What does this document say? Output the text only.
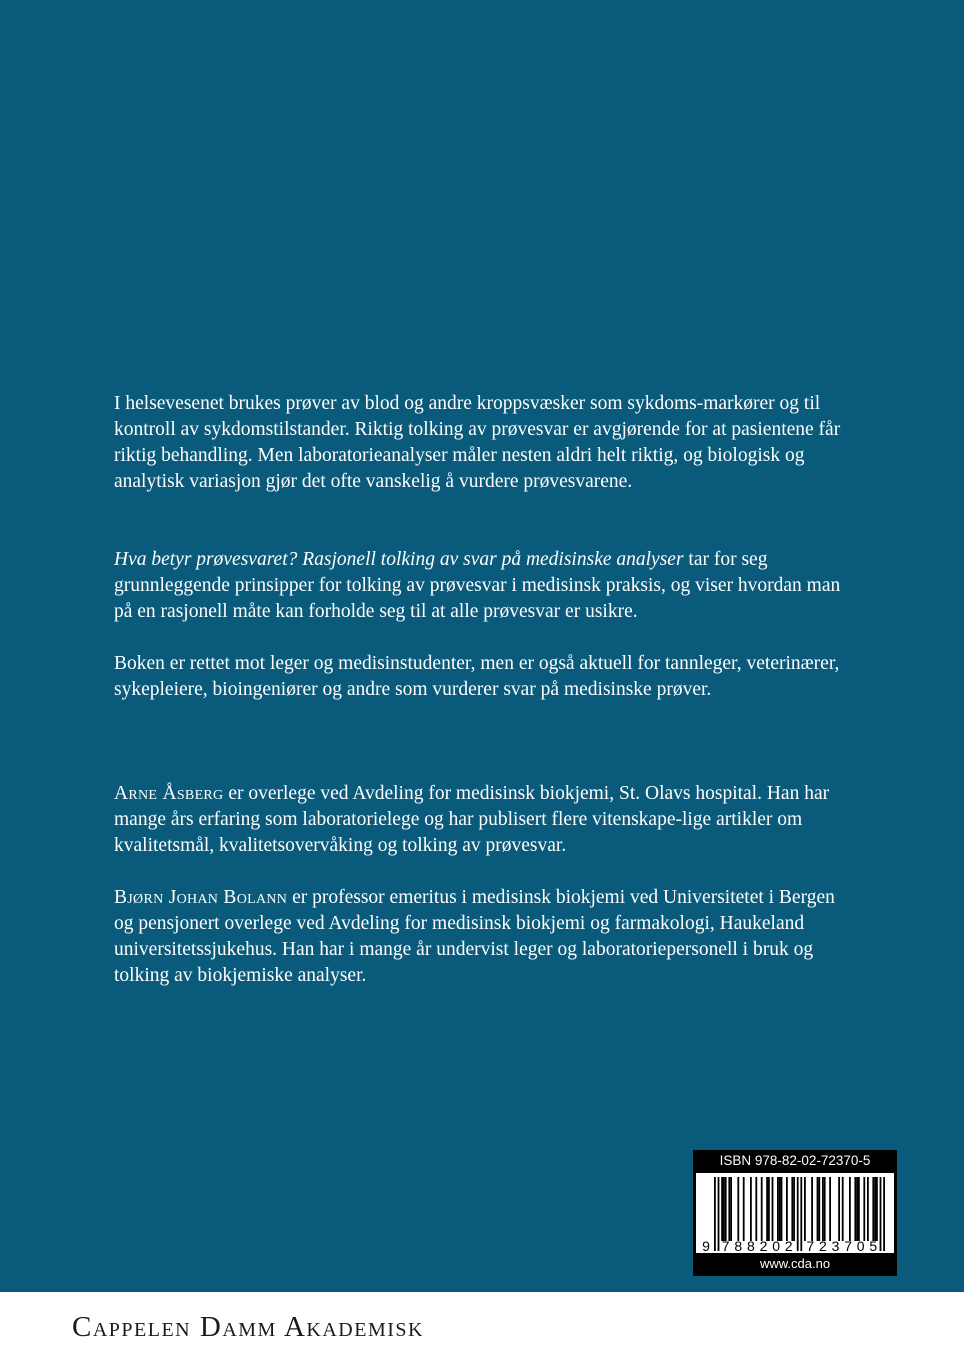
I helsevesenet brukes prøver av blod og andre kroppsvæsker som sykdoms-markører og til kontroll av sykdomstilstander. Riktig tolking av prøvesvar er avgjørende for at pasientene får riktig behandling. Men laboratorieanalyser måler nesten aldri helt riktig, og biologisk og analytisk variasjon gjør det ofte vanskelig å vurdere prøvesvarene.

Hva betyr prøvesvaret? Rasjonell tolking av svar på medisinske analyser tar for seg grunnleggende prinsipper for tolking av prøvesvar i medisinsk praksis, og viser hvordan man på en rasjonell måte kan forholde seg til at alle prøvesvar er usikre.

Boken er rettet mot leger og medisinstudenter, men er også aktuell for tannleger, veterinærer, sykepleiere, bioingeniører og andre som vurderer svar på medisinske prøver.

Arne Åsberg er overlege ved Avdeling for medisinsk biokjemi, St. Olavs hospital. Han har mange års erfaring som laboratorielege og har publisert flere vitenskape-lige artikler om kvalitetsmål, kvalitetsovervåking og tolking av prøvesvar.

Bjørn Johan Bolann er professor emeritus i medisinsk biokjemi ved Universitetet i Bergen og pensjonert overlege ved Avdeling for medisinsk biokjemi og farmakologi, Haukeland universitetssjukehus. Han har i mange år undervist leger og laboratoriepersonell i bruk og tolking av biokjemiske analyser.

ISBN 978-82-02-72370-5
9 7 8 8 2 0 2 7 2 3 7 0 5
www.cda.no
Cappelen Damm Akademisk
